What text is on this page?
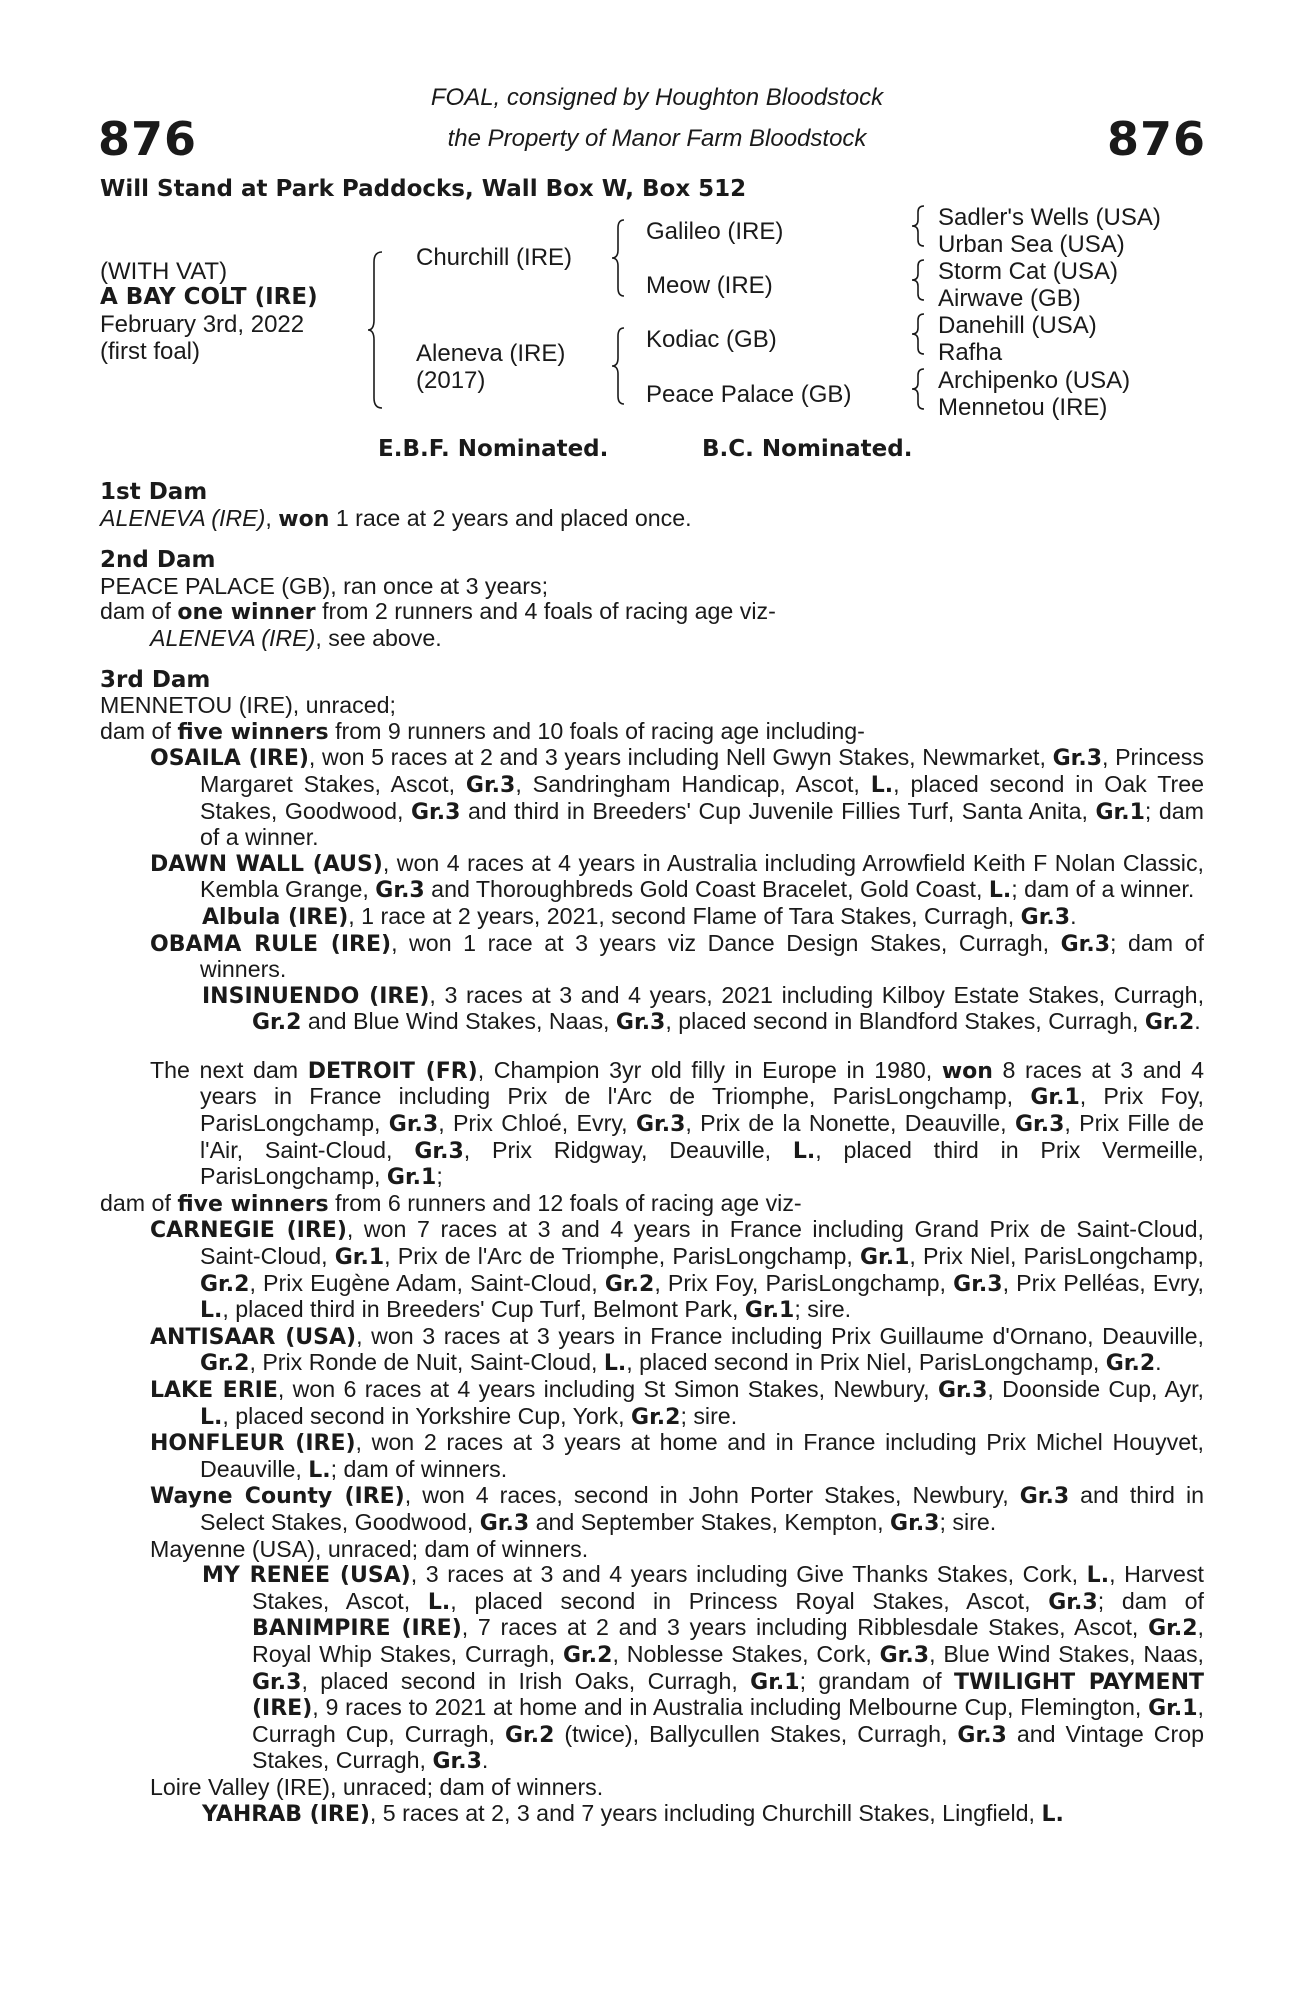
876	876
FOAL, consigned by Houghton Bloodstock
the Property of Manor Farm Bloodstock
Will Stand at Park Paddocks, Wall Box W, Box 512
(WITH VAT)
A BAY COLT (IRE)
February 3rd, 2022
(first foal)
Churchill (IRE)
Aleneva (IRE)
(2017)
Galileo (IRE)
Meow (IRE)
Kodiac (GB)
Peace Palace (GB)
Sadler's Wells (USA)
Urban Sea (USA)
Storm Cat (USA)
Airwave (GB)
Danehill (USA)
Rafha
Archipenko (USA)
Mennetou (IRE)
E.B.F. Nominated.	B.C. Nominated.
1st Dam
ALENEVA (IRE), won 1 race at 2 years and placed once.
2nd Dam
PEACE PALACE (GB), ran once at 3 years;
dam of one winner from 2 runners and 4 foals of racing age viz-
ALENEVA (IRE), see above.
3rd Dam
MENNETOU (IRE), unraced;
dam of five winners from 9 runners and 10 foals of racing age including-
OSAILA (IRE), won 5 races at 2 and 3 years including Nell Gwyn Stakes, Newmarket, Gr.3, Princess Margaret Stakes, Ascot, Gr.3, Sandringham Handicap, Ascot, L., placed second in Oak Tree Stakes, Goodwood, Gr.3 and third in Breeders' Cup Juvenile Fillies Turf, Santa Anita, Gr.1; dam of a winner.
DAWN WALL (AUS), won 4 races at 4 years in Australia including Arrowfield Keith F Nolan Classic, Kembla Grange, Gr.3 and Thoroughbreds Gold Coast Bracelet, Gold Coast, L.; dam of a winner.
Albula (IRE), 1 race at 2 years, 2021, second Flame of Tara Stakes, Curragh, Gr.3.
OBAMA RULE (IRE), won 1 race at 3 years viz Dance Design Stakes, Curragh, Gr.3; dam of winners.
INSINUENDO (IRE), 3 races at 3 and 4 years, 2021 including Kilboy Estate Stakes, Curragh, Gr.2 and Blue Wind Stakes, Naas, Gr.3, placed second in Blandford Stakes, Curragh, Gr.2.
The next dam DETROIT (FR), Champion 3yr old filly in Europe in 1980, won 8 races at 3 and 4 years in France including Prix de l'Arc de Triomphe, ParisLongchamp, Gr.1, Prix Foy, ParisLongchamp, Gr.3, Prix Chloé, Evry, Gr.3, Prix de la Nonette, Deauville, Gr.3, Prix Fille de l'Air, Saint-Cloud, Gr.3, Prix Ridgway, Deauville, L., placed third in Prix Vermeille, ParisLongchamp, Gr.1;
dam of five winners from 6 runners and 12 foals of racing age viz-
CARNEGIE (IRE), won 7 races at 3 and 4 years in France including Grand Prix de Saint-Cloud, Saint-Cloud, Gr.1, Prix de l'Arc de Triomphe, ParisLongchamp, Gr.1, Prix Niel, ParisLongchamp, Gr.2, Prix Eugène Adam, Saint-Cloud, Gr.2, Prix Foy, ParisLongchamp, Gr.3, Prix Pelléas, Evry, L., placed third in Breeders' Cup Turf, Belmont Park, Gr.1; sire.
ANTISAAR (USA), won 3 races at 3 years in France including Prix Guillaume d'Ornano, Deauville, Gr.2, Prix Ronde de Nuit, Saint-Cloud, L., placed second in Prix Niel, ParisLongchamp, Gr.2.
LAKE ERIE, won 6 races at 4 years including St Simon Stakes, Newbury, Gr.3, Doonside Cup, Ayr, L., placed second in Yorkshire Cup, York, Gr.2; sire.
HONFLEUR (IRE), won 2 races at 3 years at home and in France including Prix Michel Houyvet, Deauville, L.; dam of winners.
Wayne County (IRE), won 4 races, second in John Porter Stakes, Newbury, Gr.3 and third in Select Stakes, Goodwood, Gr.3 and September Stakes, Kempton, Gr.3; sire.
Mayenne (USA), unraced; dam of winners.
MY RENEE (USA), 3 races at 3 and 4 years including Give Thanks Stakes, Cork, L., Harvest Stakes, Ascot, L., placed second in Princess Royal Stakes, Ascot, Gr.3; dam of BANIMPIRE (IRE), 7 races at 2 and 3 years including Ribblesdale Stakes, Ascot, Gr.2, Royal Whip Stakes, Curragh, Gr.2, Noblesse Stakes, Cork, Gr.3, Blue Wind Stakes, Naas, Gr.3, placed second in Irish Oaks, Curragh, Gr.1; grandam of TWILIGHT PAYMENT (IRE), 9 races to 2021 at home and in Australia including Melbourne Cup, Flemington, Gr.1, Curragh Cup, Curragh, Gr.2 (twice), Ballycullen Stakes, Curragh, Gr.3 and Vintage Crop Stakes, Curragh, Gr.3.
Loire Valley (IRE), unraced; dam of winners.
YAHRAB (IRE), 5 races at 2, 3 and 7 years including Churchill Stakes, Lingfield, L.
